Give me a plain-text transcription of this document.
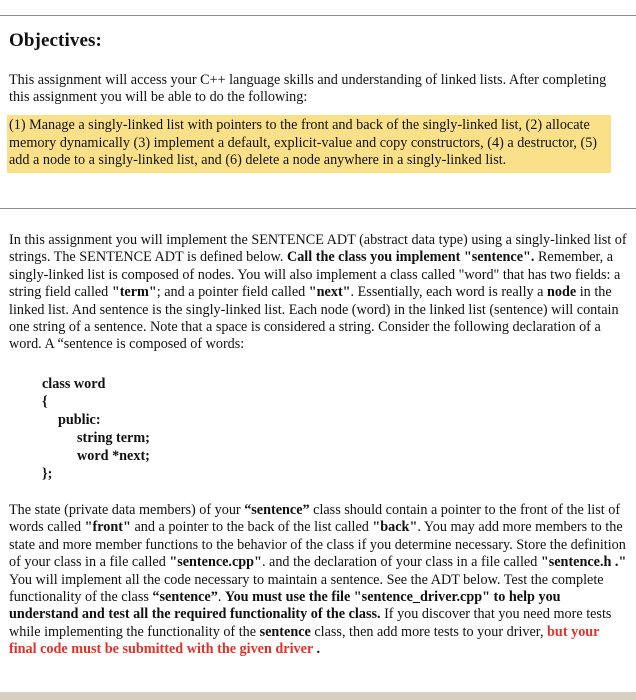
Objectives:
This assignment will access your C++ language skills and understanding of linked lists. After completing this assignment you will be able to do the following:
(1) Manage a singly-linked list with pointers to the front and back of the singly-linked list, (2) allocate memory dynamically (3) implement a default, explicit-value and copy constructors, (4) a destructor, (5) add a node to a singly-linked list, and (6) delete a node anywhere in a singly-linked list.
In this assignment you will implement the SENTENCE ADT (abstract data type) using a singly-linked list of strings. The SENTENCE ADT is defined below. Call the class you implement "sentence". Remember, a singly-linked list is composed of nodes. You will also implement a class called "word" that has two fields: a string field called "term"; and a pointer field called "next". Essentially, each word is really a node in the linked list. And sentence is the singly-linked list. Each node (word) in the linked list (sentence) will contain one string of a sentence. Note that a space is considered a string. Consider the following declaration of a word. A “sentence is composed of words:
class word
{
public:
string term;
word *next;
};
The state (private data members) of your “sentence” class should contain a pointer to the front of the list of words called "front" and a pointer to the back of the list called "back". You may add more members to the state and more member functions to the behavior of the class if you determine necessary. Store the definition of your class in a file called "sentence.cpp". and the declaration of your class in a file called "sentence.h ." You will implement all the code necessary to maintain a sentence. See the ADT below. Test the complete functionality of the class “sentence”. You must use the file "sentence_driver.cpp" to help you understand and test all the required functionality of the class. If you discover that you need more tests while implementing the functionality of the sentence class, then add more tests to your driver, but your final code must be submitted with the given driver .
